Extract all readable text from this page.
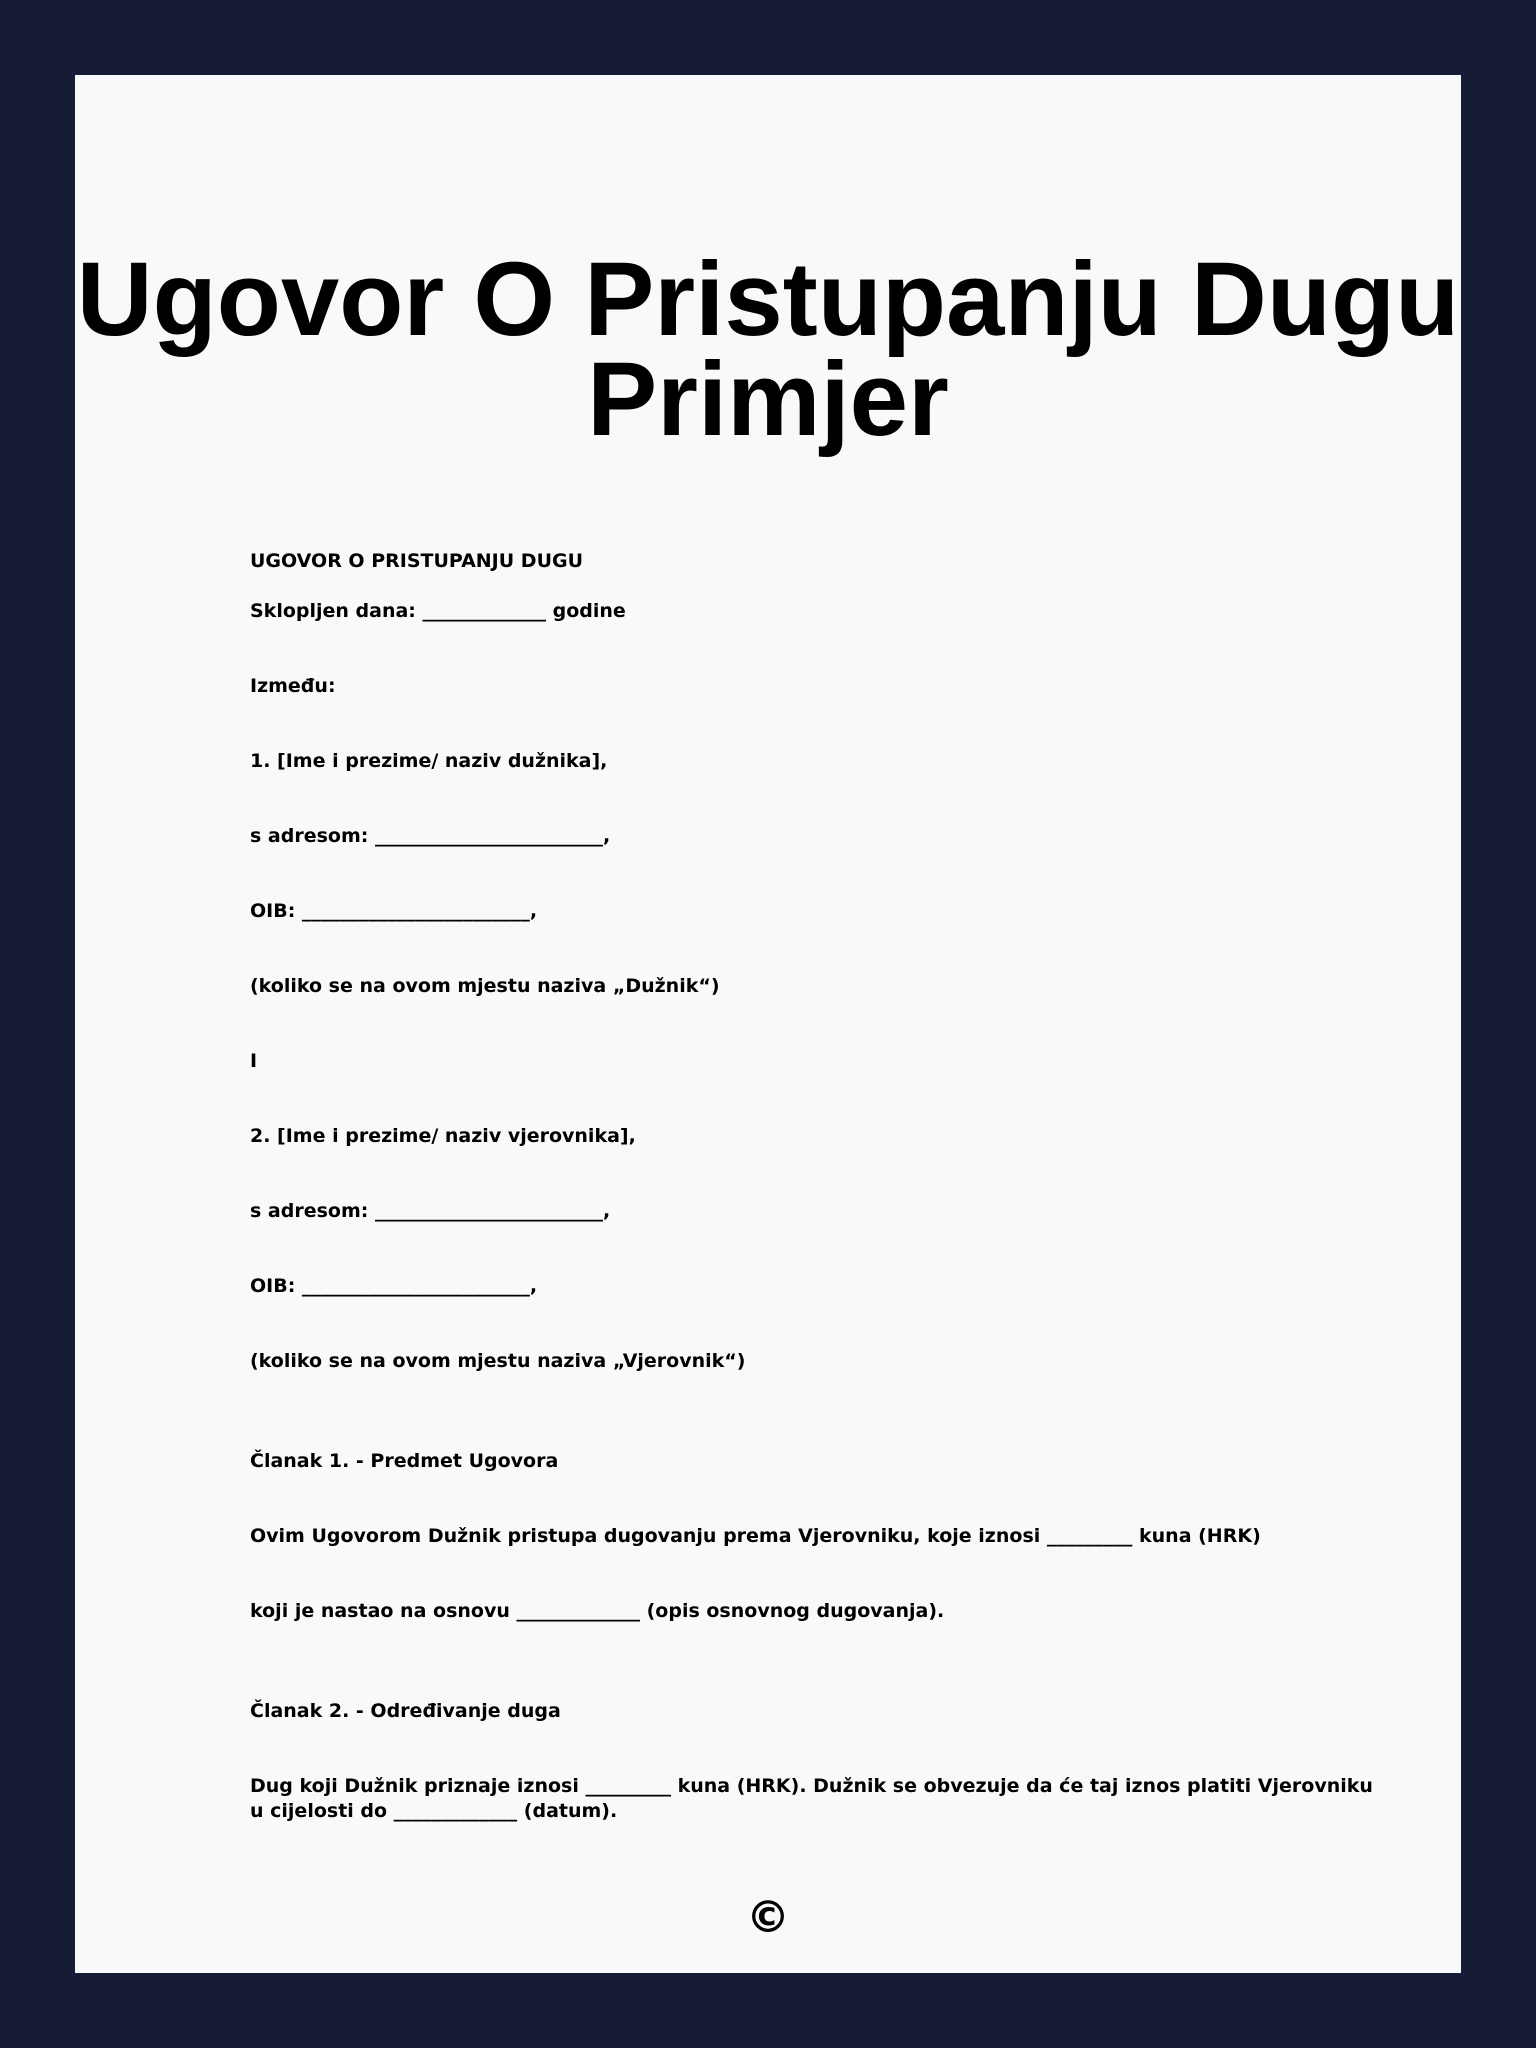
Ugovor O Pristupanju Dugu Primjer

UGOVOR O PRISTUPANJU DUGU

Sklopljen dana: _____________ godine

Između:

1. [Ime i prezime/ naziv dužnika],

s adresom: ________________________,

OIB: ________________________,

(koliko se na ovom mjestu naziva „Dužnik“)

I

2. [Ime i prezime/ naziv vjerovnika],

s adresom: ________________________,

OIB: ________________________,

(koliko se na ovom mjestu naziva „Vjerovnik“)

Članak 1. - Predmet Ugovora

Ovim Ugovorom Dužnik pristupa dugovanju prema Vjerovniku, koje iznosi _________ kuna (HRK)

koji je nastao na osnovu _____________ (opis osnovnog dugovanja).

Članak 2. - Određivanje duga

Dug koji Dužnik priznaje iznosi _________ kuna (HRK). Dužnik se obvezuje da će taj iznos platiti Vjerovniku u cijelosti do _____________ (datum).

©
